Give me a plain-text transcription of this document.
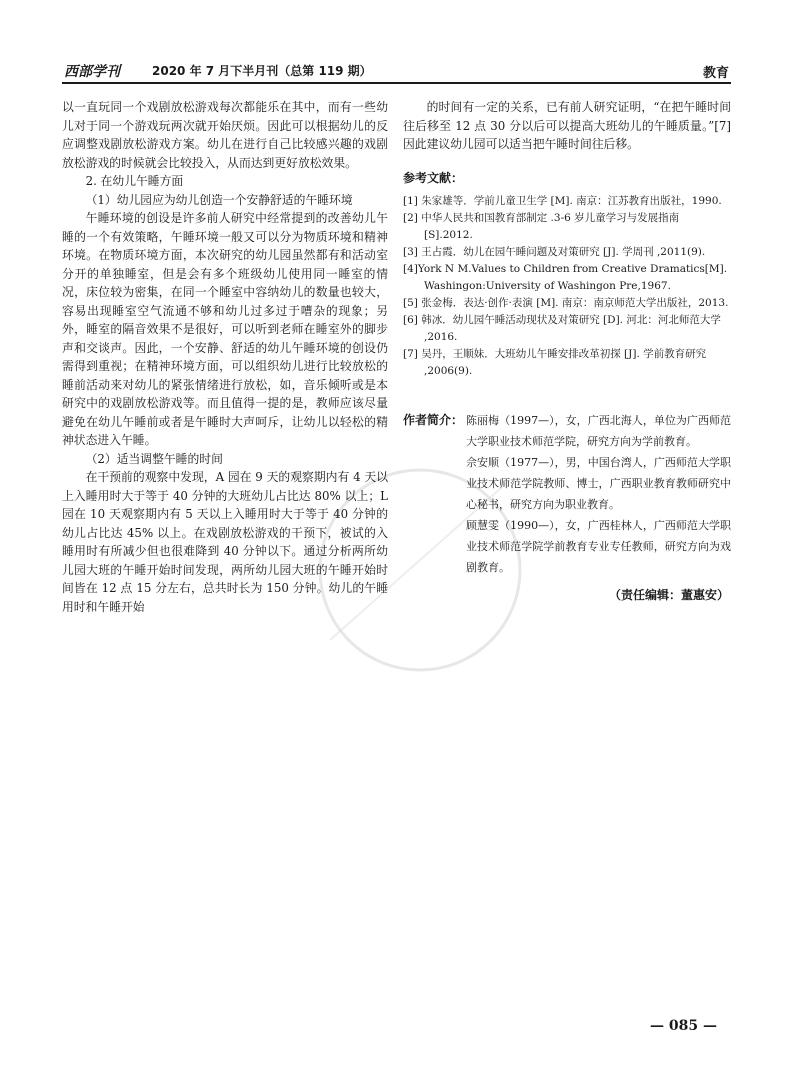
西部学刊	2020 年 7 月下半月刊（总第 119 期）	教育

以一直玩同一个戏剧放松游戏每次都能乐在其中，而有一些幼儿对于同一个游戏玩两次就开始厌烦。因此可以根据幼儿的反应调整戏剧放松游戏方案。幼儿在进行自己比较感兴趣的戏剧放松游戏的时候就会比较投入，从而达到更好放松效果。

2. 在幼儿午睡方面

（1）幼儿园应为幼儿创造一个安静舒适的午睡环境

午睡环境的创设是许多前人研究中经常提到的改善幼儿午睡的一个有效策略，午睡环境一般又可以分为物质环境和精神环境。在物质环境方面，本次研究的幼儿园虽然都有和活动室分开的单独睡室，但是会有多个班级幼儿使用同一睡室的情况，床位较为密集，在同一个睡室中容纳幼儿的数量也较大，容易出现睡室空气流通不够和幼儿过多过于嘈杂的现象；另外，睡室的隔音效果不是很好，可以听到老师在睡室外的脚步声和交谈声。因此，一个安静、舒适的幼儿午睡环境的创设仍需得到重视；在精神环境方面，可以组织幼儿进行比较放松的睡前活动来对幼儿的紧张情绪进行放松，如，音乐倾听或是本研究中的戏剧放松游戏等。而且值得一提的是，教师应该尽量避免在幼儿午睡前或者是午睡时大声呵斥，让幼儿以轻松的精神状态进入午睡。

（2）适当调整午睡的时间

在干预前的观察中发现，A 园在 9 天的观察期内有 4 天以上入睡用时大于等于 40 分钟的大班幼儿占比达 80% 以上；L 园在 10 天观察期内有 5 天以上入睡用时大于等于 40 分钟的幼儿占比达 45% 以上。在戏剧放松游戏的干预下，被试的入睡用时有所减少但也很难降到 40 分钟以下。通过分析两所幼儿园大班的午睡开始时间发现，两所幼儿园大班的午睡开始时间皆在 12 点 15 分左右，总共时长为 150 分钟。幼儿的午睡用时和午睡开始

的时间有一定的关系，已有前人研究证明，“在把午睡时间往后移至 12 点 30 分以后可以提高大班幼儿的午睡质量。”[7] 因此建议幼儿园可以适当把午睡时间往后移。

参考文献：

[1] 朱家雄等．学前儿童卫生学 [M]. 南京：江苏教育出版社，1990.

[2] 中华人民共和国教育部制定 .3-6 岁儿童学习与发展指南 [S].2012.

[3] 王占霞．幼儿在园午睡问题及对策研究 [J]. 学周刊 ,2011(9).

[4]York N M.Values to Children from Creative Dramatics[M]. Washingon:University of Washingon Pre,1967.

[5] 张金梅．表达·创作·表演 [M]. 南京：南京师范大学出版社，2013.

[6] 韩冰．幼儿园午睡活动现状及对策研究 [D]. 河北：河北师范大学 ,2016.

[7] 吴丹，王顺妹．大班幼儿午睡安排改革初探 [J]. 学前教育研究 ,2006(9).

作者简介： 陈丽梅（1997—），女，广西北海人，单位为广西师范大学职业技术师范学院，研究方向为学前教育。
佘安顺（1977—），男，中国台湾人，广西师范大学职业技术师范学院教师、博士，广西职业教育教师研究中心秘书，研究方向为职业教育。
顾慧雯（1990—），女，广西桂林人，广西师范大学职业技术师范学院学前教育专业专任教师，研究方向为戏剧教育。
（责任编辑：董惠安）
— 085 —
